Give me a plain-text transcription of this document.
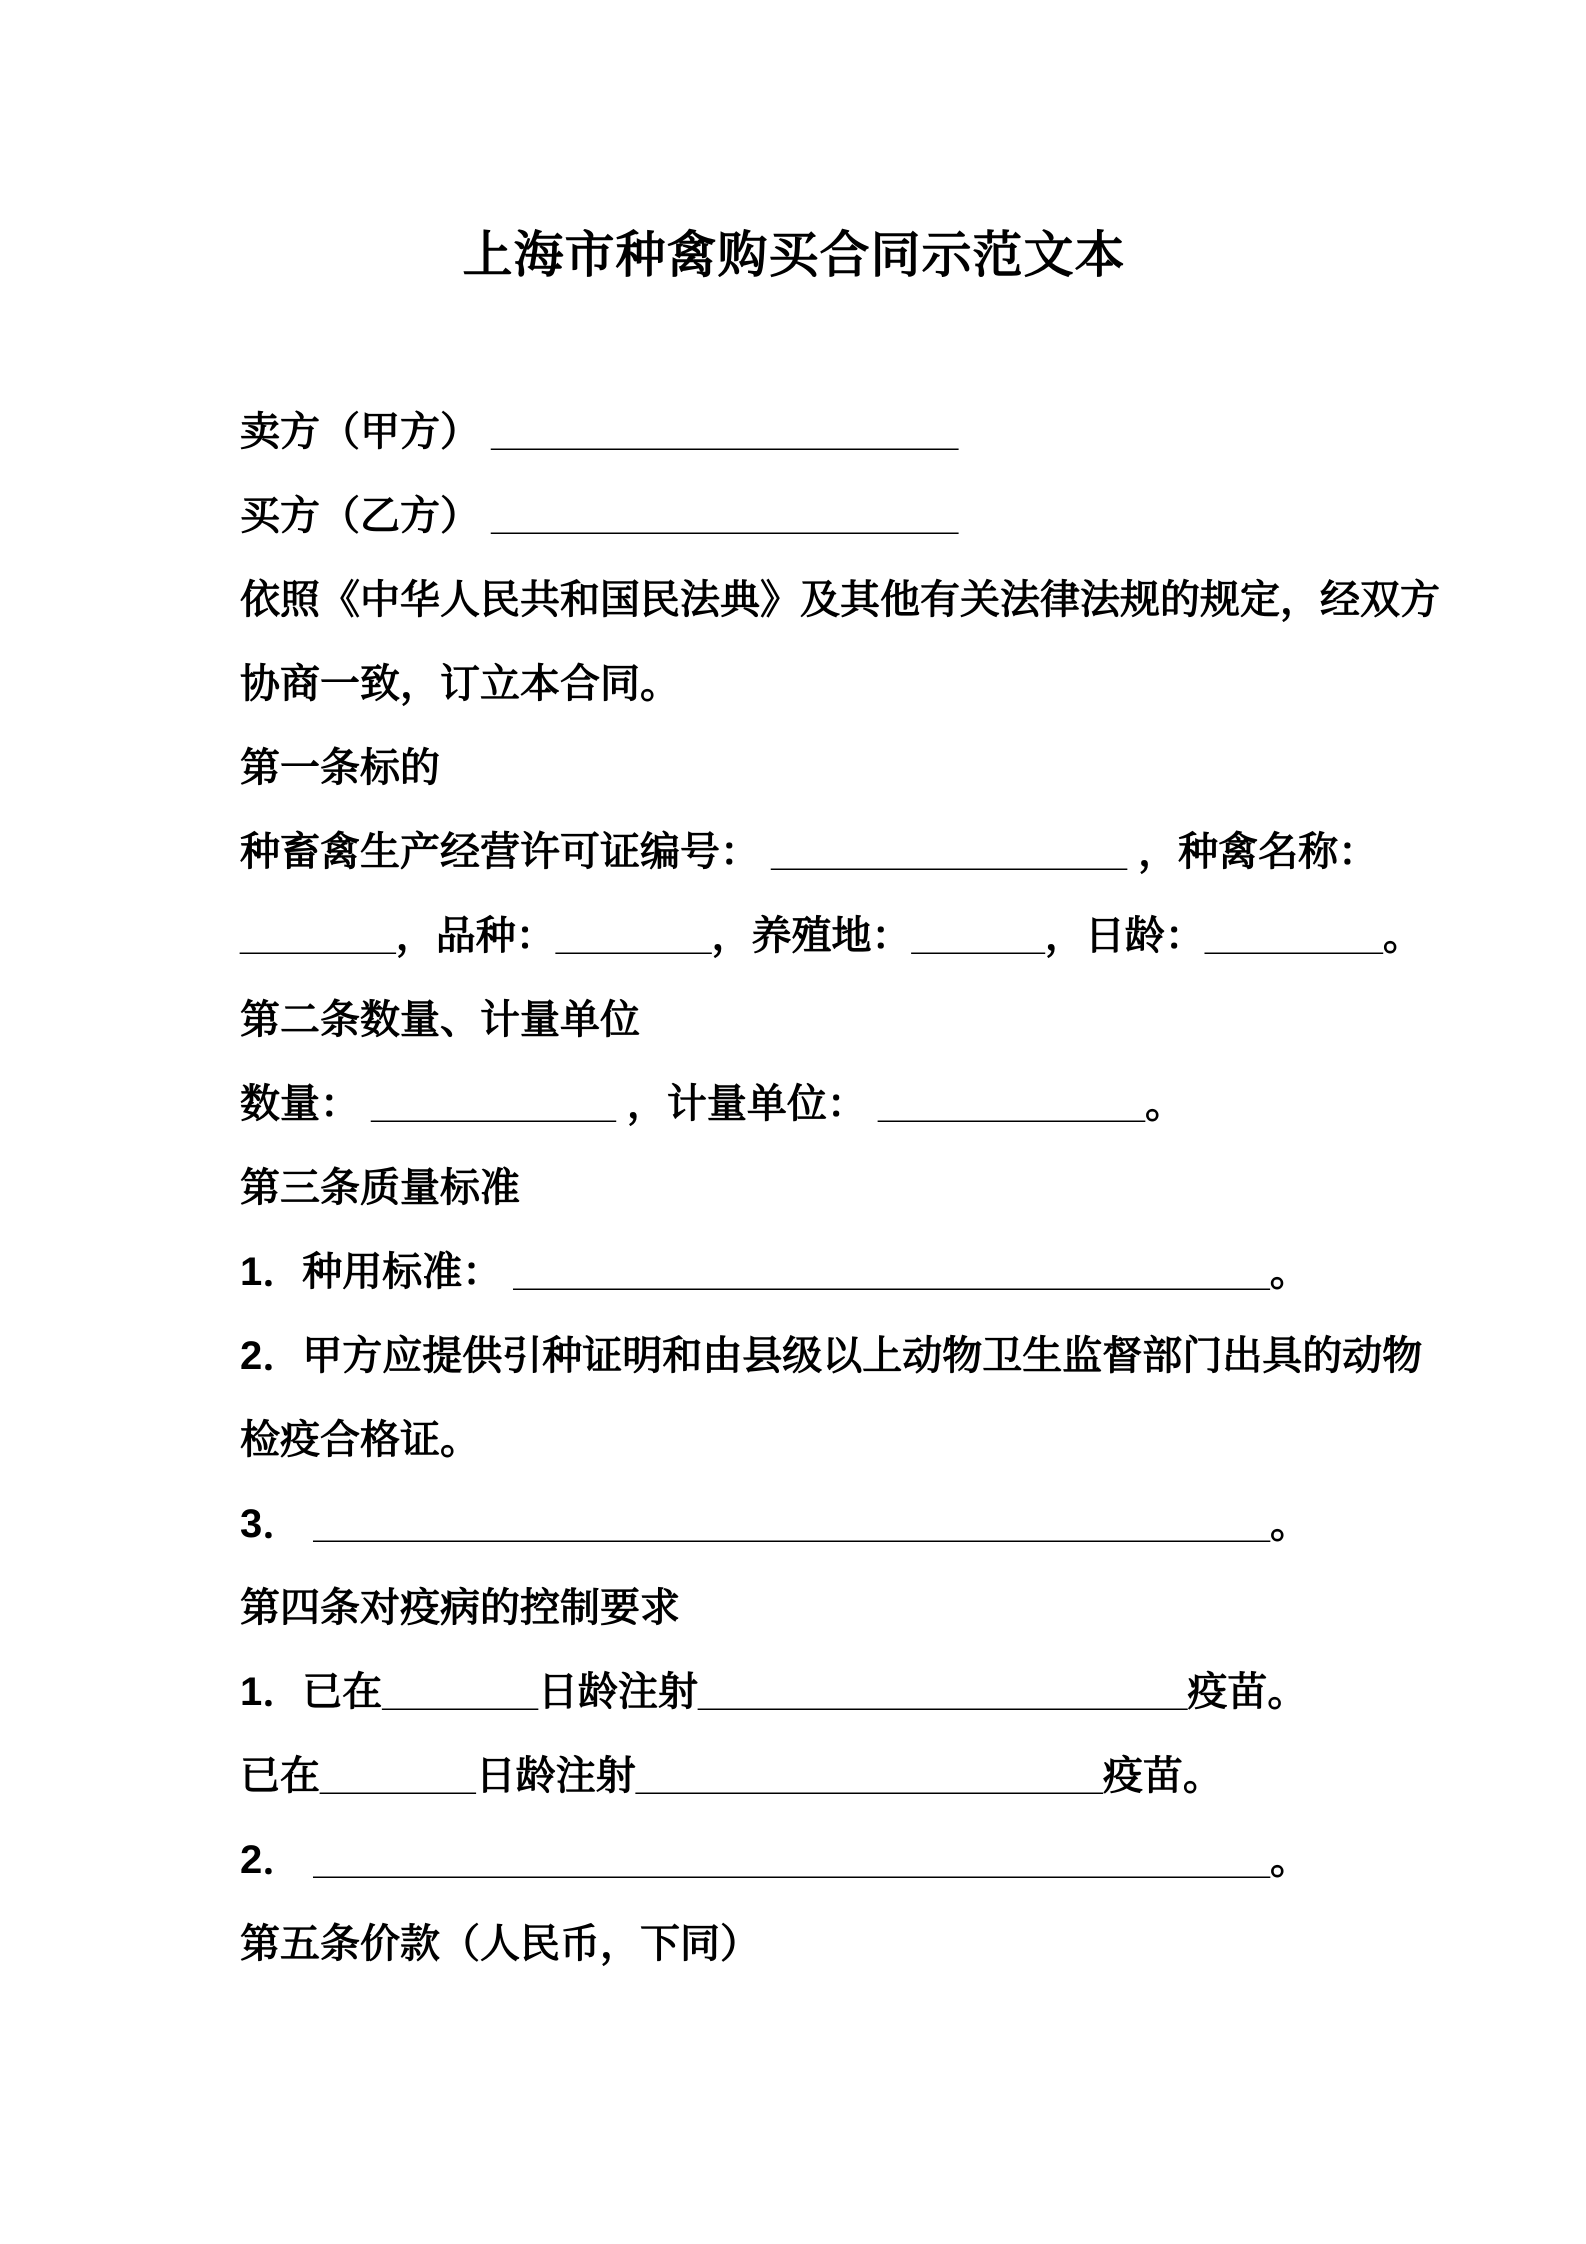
上海市种禽购买合同示范文本
卖方（甲方） _____________________
买方（乙方） _____________________
依照《中华人民共和国民法典》及其他有关法律法规的规定，经双方
协商一致，订立本合同。
第一条标的
种畜禽生产经营许可证编号： ________________ ，种禽名称：
_______，品种：_______，养殖地：______，日龄：________。
第二条数量、计量单位
数量： ___________ ，计量单位： ____________。
第三条质量标准
1．种用标准： __________________________________。
2．甲方应提供引种证明和由县级以上动物卫生监督部门出具的动物
检疫合格证。
3． ___________________________________________。
第四条对疫病的控制要求
1．已在_______日龄注射______________________疫苗。
已在_______日龄注射_____________________疫苗。
2． ___________________________________________。
第五条价款（人民币，下同）
